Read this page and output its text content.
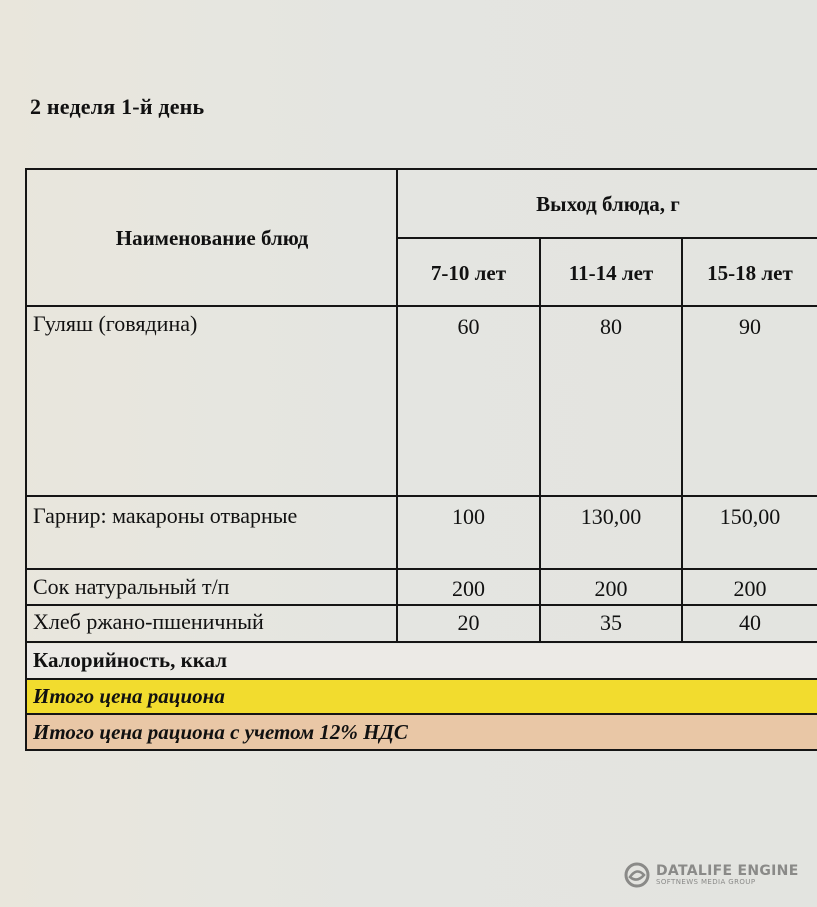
2 неделя 1-й день
Наименование блюд
Выход блюда, г
7-10 лет	11-14 лет	15-18 лет
Гуляш (говядина)	60	80	90
Гарнир: макароны отварные	100	130,00	150,00
Сок натуральный т/п	200	200	200
Хлеб ржано-пшеничный	20	35	40
Калорийность, ккал
Итого цена рациона
Итого цена рациона с учетом 12% НДС
DATALIFE ENGINE
SOFTNEWS MEDIA GROUP
